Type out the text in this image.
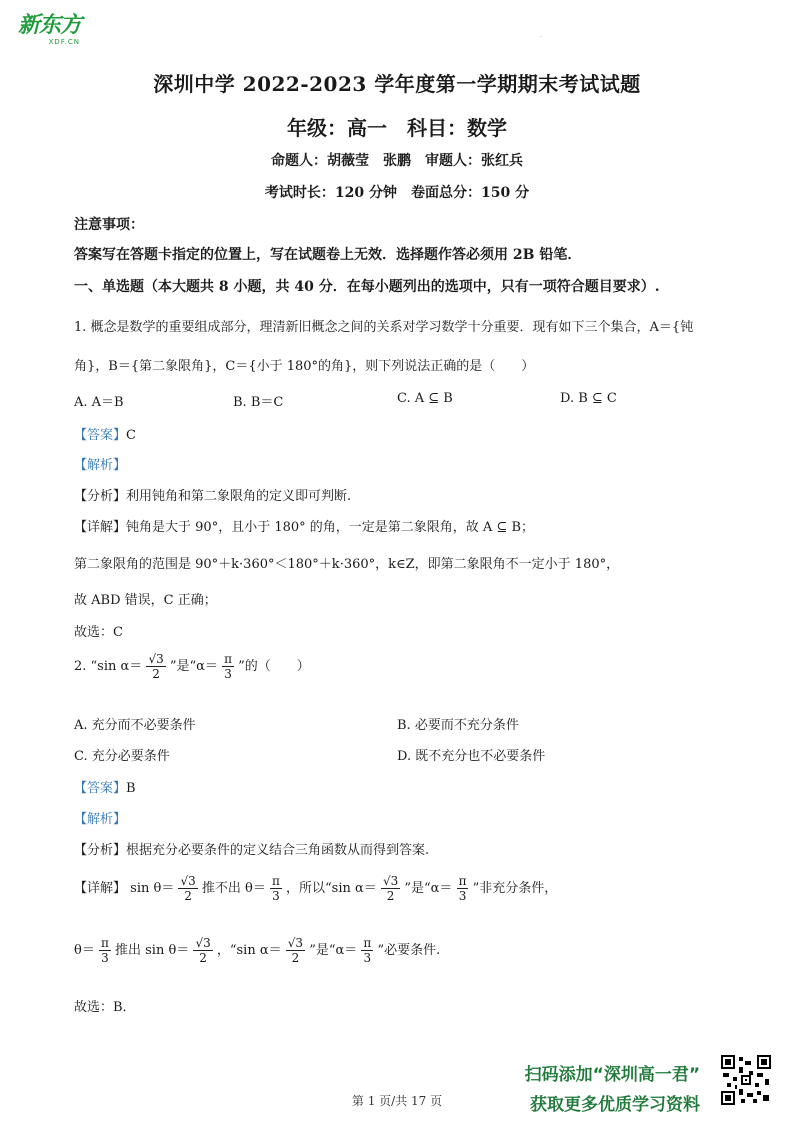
新东方
XDF.CN
·
深圳中学 2022-2023 学年度第一学期期末考试试题
年级：高一　科目：数学
命题人：胡薇莹　张鹏　审题人：张红兵
考试时长：120 分钟　卷面总分：150 分
注意事项：
答案写在答题卡指定的位置上，写在试题卷上无效．选择题作答必须用 2B 铅笔．
一、单选题（本大题共 8 小题，共 40 分．在每小题列出的选项中，只有一项符合题目要求）.
1. 概念是数学的重要组成部分，理清新旧概念之间的关系对学习数学十分重要．现有如下三个集合，A＝{钝
角}，B＝{第二象限角}，C＝{小于 180°的角}，则下列说法正确的是（　　）
A. A＝B	B. B＝C	C. A ⊆ B	D. B ⊆ C
【答案】C
【解析】
【分析】利用钝角和第二象限角的定义即可判断.
【详解】钝角是大于 90°，且小于 180° 的角，一定是第二象限角，故 A ⊆ B；
第二象限角的范围是 90°＋k·360°＜180°＋k·360°，k∈Z，即第二象限角不一定小于 180°，
故 ABD 错误，C 正确；
故选：C
2. “sin $\alpha= \frac{√3}{2}$ ”是“$\alpha= \frac{\pi}{3}$ ”的（　　）
A. 充分而不必要条件	B. 必要而不充分条件
C. 充分必要条件	D. 既不充分也不必要条件
【答案】B
【解析】
【分析】根据充分必要条件的定义结合三角函数从而得到答案.
【详解】 $\sin \theta= \frac{√3}{2}$ 推不出 $\theta= \frac{\pi}{3}$ ，所以“sin $\alpha= \frac{√3}{2}$ ”是“$\alpha= \frac{\pi}{3}$ ”非充分条件，
$\theta= \frac{\pi}{3}$ 推出 $\sin \theta= \frac{√3}{2}$ ，“sin $\alpha= \frac{√3}{2}$ ”是“$\alpha= \frac{\pi}{3}$ ”必要条件.
故选：B．
扫码添加“深圳高一君”
获取更多优质学习资料
第 1 页/共 17 页
